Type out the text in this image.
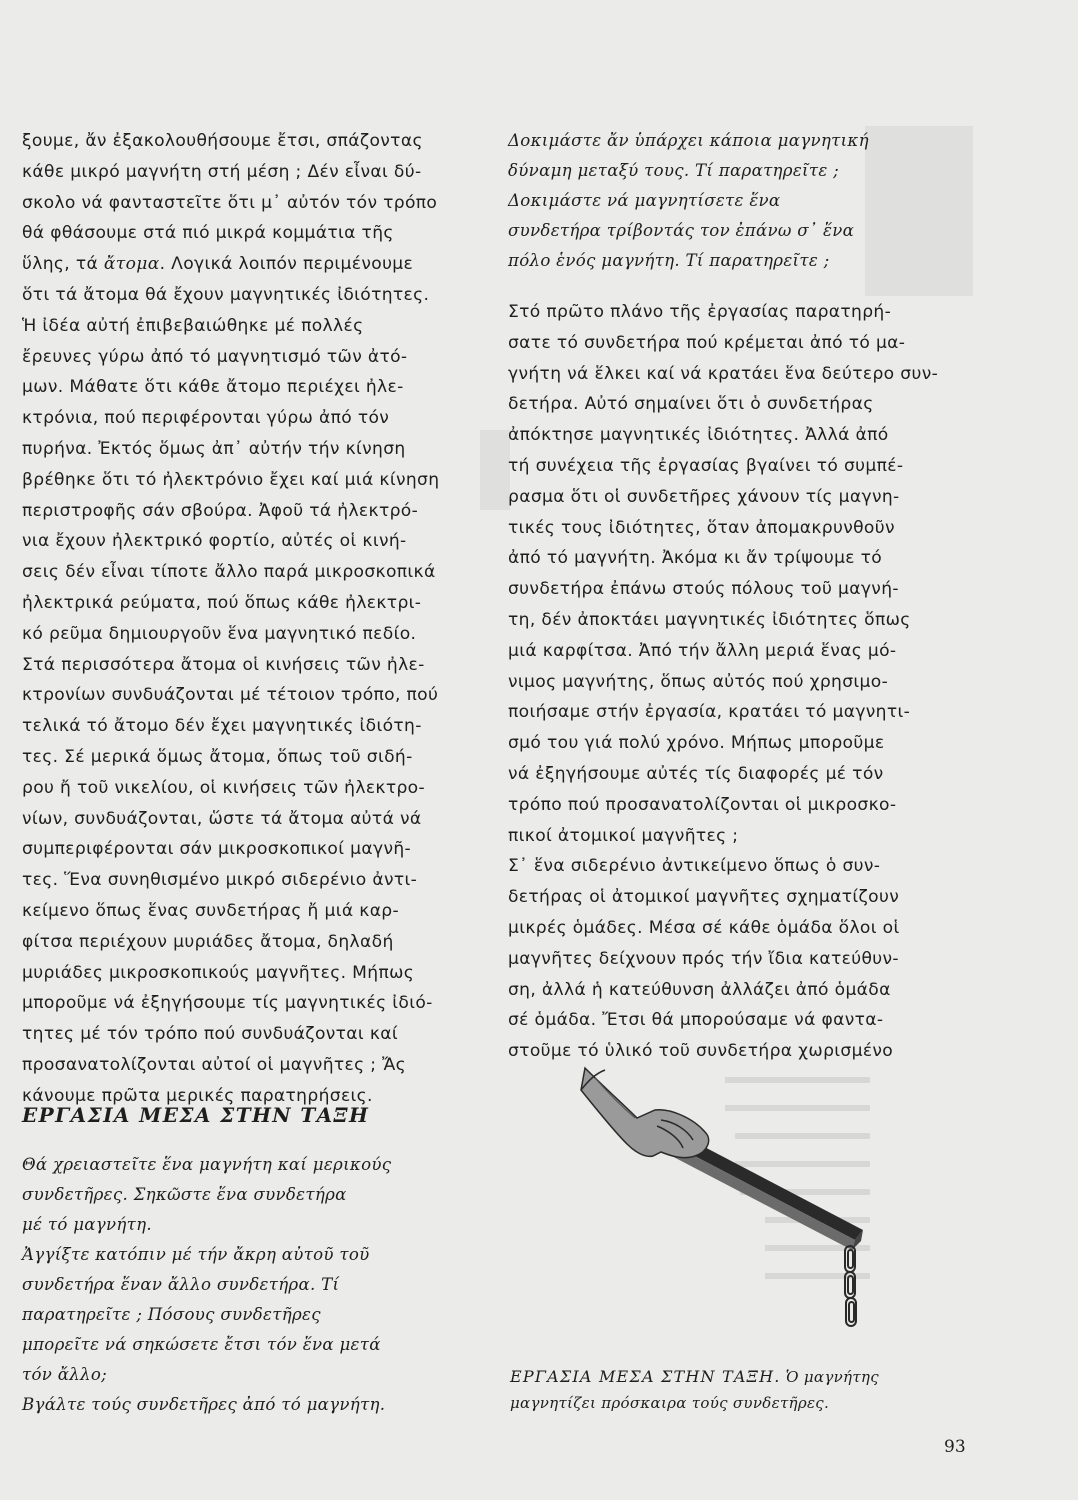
ξουμε, ἄν ἐξακολουθήσουμε ἔτσι, σπάζοντας
κάθε μικρό μαγνήτη στή μέση ; Δέν εἶναι δύ-
σκολο νά φανταστεῖτε ὅτι μ᾽ αὐτόν τόν τρόπο
θά φθάσουμε στά πιό μικρά κομμάτια τῆς
ὕλης, τά ἄτομα. Λογικά λοιπόν περιμένουμε
ὅτι τά ἄτομα θά ἔχουν μαγνητικές ἰδιότητες.
Ἡ ἰδέα αὐτή ἐπιβεβαιώθηκε μέ πολλές
ἔρευνες γύρω ἀπό τό μαγνητισμό τῶν ἀτό-
μων. Μάθατε ὅτι κάθε ἄτομο περιέχει ἠλε-
κτρόνια, πού περιφέρονται γύρω ἀπό τόν
πυρήνα. Ἐκτός ὅμως ἀπ᾽ αὐτήν τήν κίνηση
βρέθηκε ὅτι τό ἠλεκτρόνιο ἔχει καί μιά κίνηση
περιστροφῆς σάν σβούρα. Ἀφοῦ τά ἠλεκτρό-
νια ἔχουν ἠλεκτρικό φορτίο, αὐτές οἱ κινή-
σεις δέν εἶναι τίποτε ἄλλο παρά μικροσκοπικά
ἠλεκτρικά ρεύματα, πού ὅπως κάθε ἠλεκτρι-
κό ρεῦμα δημιουργοῦν ἕνα μαγνητικό πεδίο.
Στά περισσότερα ἄτομα οἱ κινήσεις τῶν ἠλε-
κτρονίων συνδυάζονται μέ τέτοιον τρόπο, πού
τελικά τό ἄτομο δέν ἔχει μαγνητικές ἰδιότη-
τες. Σέ μερικά ὅμως ἄτομα, ὅπως τοῦ σιδή-
ρου ἤ τοῦ νικελίου, οἱ κινήσεις τῶν ἠλεκτρο-
νίων, συνδυάζονται, ὥστε τά ἄτομα αὐτά νά
συμπεριφέρονται σάν μικροσκοπικοί μαγνῆ-
τες. Ἕνα συνηθισμένο μικρό σιδερένιο ἀντι-
κείμενο ὅπως ἕνας συνδετήρας ἤ μιά καρ-
φίτσα περιέχουν μυριάδες ἄτομα, δηλαδή
μυριάδες μικροσκοπικούς μαγνῆτες. Μήπως
μποροῦμε νά ἐξηγήσουμε τίς μαγνητικές ἰδιό-
τητες μέ τόν τρόπο πού συνδυάζονται καί
προσανατολίζονται αὐτοί οἱ μαγνῆτες ; Ἄς
κάνουμε πρῶτα μερικές παρατηρήσεις.
ΕΡΓΑΣΙΑ ΜΕΣΑ ΣΤΗΝ ΤΑΞΗ
Θά χρειαστεῖτε ἕνα μαγνήτη καί μερικούς
συνδετῆρες. Σηκῶστε ἕνα συνδετήρα
μέ τό μαγνήτη.
Ἀγγίξτε κατόπιν μέ τήν ἄκρη αὐτοῦ τοῦ
συνδετήρα ἕναν ἄλλο συνδετήρα. Τί
παρατηρεῖτε ; Πόσους συνδετῆρες
μπορεῖτε νά σηκώσετε ἔτσι τόν ἕνα μετά
τόν ἄλλο;
Βγάλτε τούς συνδετῆρες ἀπό τό μαγνήτη.
Δοκιμάστε ἄν ὑπάρχει κάποια μαγνητική
δύναμη μεταξύ τους. Τί παρατηρεῖτε ;
Δοκιμάστε νά μαγνητίσετε ἕνα
συνδετήρα τρίβοντάς τον ἐπάνω σ᾽ ἕνα
πόλο ἑνός μαγνήτη. Τί παρατηρεῖτε ;
Στό πρῶτο πλάνο τῆς ἐργασίας παρατηρή-
σατε τό συνδετήρα πού κρέμεται ἀπό τό μα-
γνήτη νά ἕλκει καί νά κρατάει ἕνα δεύτερο συν-
δετήρα. Αὐτό σημαίνει ὅτι ὁ συνδετήρας
ἀπόκτησε μαγνητικές ἰδιότητες. Ἀλλά ἀπό
τή συνέχεια τῆς ἐργασίας βγαίνει τό συμπέ-
ρασμα ὅτι οἱ συνδετῆρες χάνουν τίς μαγνη-
τικές τους ἰδιότητες, ὅταν ἀπομακρυνθοῦν
ἀπό τό μαγνήτη. Ἀκόμα κι ἄν τρίψουμε τό
συνδετήρα ἐπάνω στούς πόλους τοῦ μαγνή-
τη, δέν ἀποκτάει μαγνητικές ἰδιότητες ὅπως
μιά καρφίτσα. Ἀπό τήν ἄλλη μεριά ἕνας μό-
νιμος μαγνήτης, ὅπως αὐτός πού χρησιμο-
ποιήσαμε στήν ἐργασία, κρατάει τό μαγνητι-
σμό του γιά πολύ χρόνο. Μήπως μποροῦμε
νά ἐξηγήσουμε αὐτές τίς διαφορές μέ τόν
τρόπο πού προσανατολίζονται οἱ μικροσκο-
πικοί ἀτομικοί μαγνῆτες ;
Σ᾽ ἕνα σιδερένιο ἀντικείμενο ὅπως ὁ συν-
δετήρας οἱ ἀτομικοί μαγνῆτες σχηματίζουν
μικρές ὁμάδες. Μέσα σέ κάθε ὁμάδα ὅλοι οἱ
μαγνῆτες δείχνουν πρός τήν ἴδια κατεύθυν-
ση, ἀλλά ἡ κατεύθυνση ἀλλάζει ἀπό ὁμάδα
σέ ὁμάδα. Ἔτσι θά μπορούσαμε νά φαντα-
στοῦμε τό ὑλικό τοῦ συνδετήρα χωρισμένο
ΕΡΓΑΣΙΑ ΜΕΣΑ ΣΤΗΝ ΤΑΞΗ. Ὁ μαγνήτης
μαγνητίζει πρόσκαιρα τούς συνδετῆρες.
93
